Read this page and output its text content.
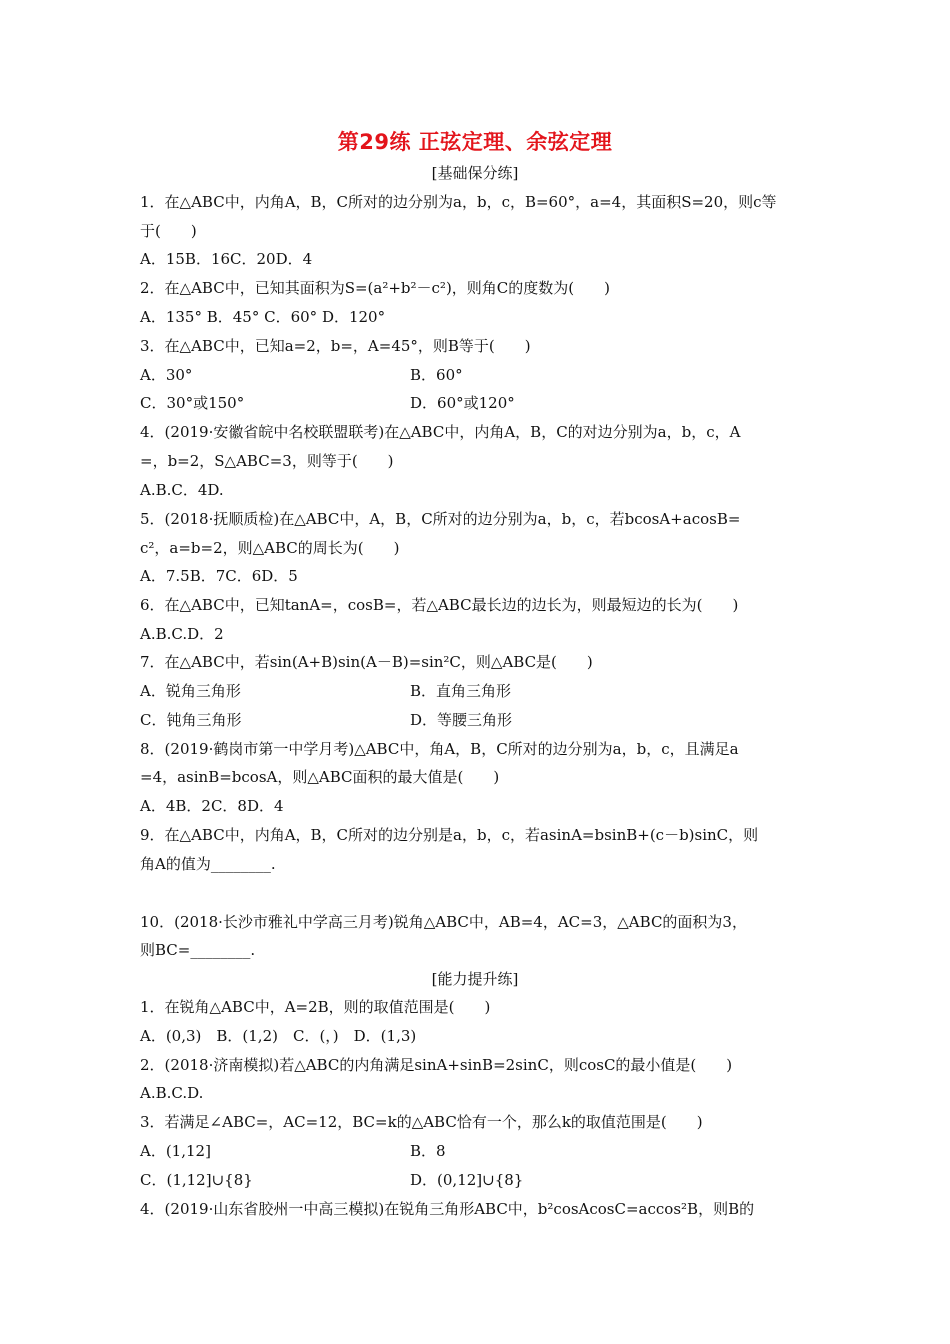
第29练 正弦定理、余弦定理
[基础保分练]
1．在△ABC中，内角A，B，C所对的边分别为a，b，c，B=60°，a=4，其面积S=20，则c等
于(　　)
A．15B．16C．20D．4
2．在△ABC中，已知其面积为S=(a²+b²－c²)，则角C的度数为(　　)
A．135° B．45° C．60° D．120°
3．在△ABC中，已知a=2，b=，A=45°，则B等于(　　)
A．30°	B．60°
C．30°或150°	D．60°或120°
4．(2019·安徽省皖中名校联盟联考)在△ABC中，内角A，B，C的对边分别为a，b，c，A
=，b=2，S△ABC=3，则等于(　　)
A.B.C．4D.
5．(2018·抚顺质检)在△ABC中，A，B，C所对的边分别为a，b，c，若bcosA+acosB=
c²，a=b=2，则△ABC的周长为(　　)
A．7.5B．7C．6D．5
6．在△ABC中，已知tanA=，cosB=，若△ABC最长边的边长为，则最短边的长为(　　)
A.B.C.D．2
7．在△ABC中，若sin(A+B)sin(A－B)=sin²C，则△ABC是(　　)
A．锐角三角形	B．直角三角形
C．钝角三角形	D．等腰三角形
8．(2019·鹤岗市第一中学月考)△ABC中，角A，B，C所对的边分别为a，b，c，且满足a
=4，asinB=bcosA，则△ABC面积的最大值是(　　)
A．4B．2C．8D．4
9．在△ABC中，内角A，B，C所对的边分别是a，b，c，若asinA=bsinB+(c－b)sinC，则
角A的值为________.
10．(2018·长沙市雅礼中学高三月考)锐角△ABC中，AB=4，AC=3，△ABC的面积为3，
则BC=________.
[能力提升练]
1．在锐角△ABC中，A=2B，则的取值范围是(　　)
A．(0,3)　B．(1,2)　C．(，)　D．(1,3)
2．(2018·济南模拟)若△ABC的内角满足sinA+sinB=2sinC，则cosC的最小值是(　　)
A.B.C.D.
3．若满足∠ABC=，AC=12，BC=k的△ABC恰有一个，那么k的取值范围是(　　)
A．(1,12]	B．8
C．(1,12]∪{8}	D．(0,12]∪{8}
4．(2019·山东省胶州一中高三模拟)在锐角三角形ABC中，b²cosAcosC=accos²B，则B的
